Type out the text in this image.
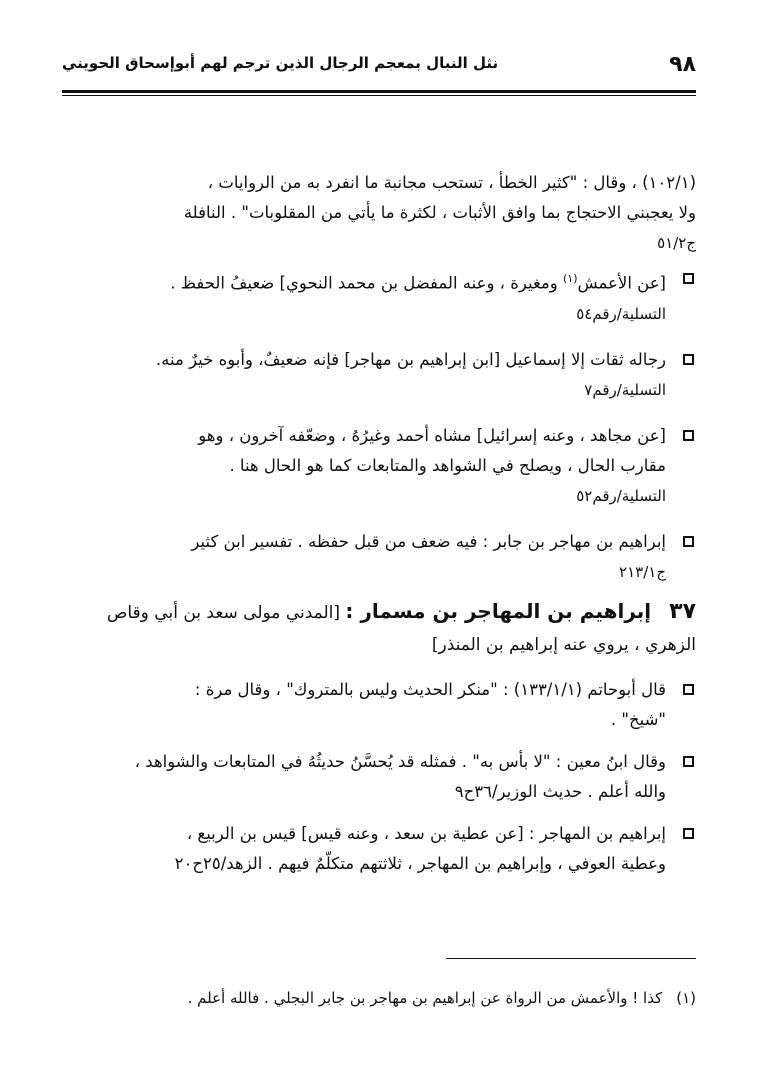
٩٨
نثل النبال بمعجم الرجال الذين ترجم لهم أبوإسحاق الحويني
(١٠٢/١) ، وقال : "كثير الخطأ ، تستحب مجانبة ما انفرد به من الروايات ،
ولا يعجبني الاحتجاج بما وافق الأثبات ، لكثرة ما يأتي من المقلوبات" . النافلة
ج٥١/٢
[عن الأعمش$^{(١)}$ ومغيرة ، وعنه المفضل بن محمد النحوي] ضعيفُ الحفظ .
التسلية/رقم٥٤
رجاله ثقات إلا إسماعيل [ابن إبراهيم بن مهاجر] فإنه ضعيفٌ، وأبوه خيرٌ منه.
التسلية/رقم٧
[عن مجاهد ، وعنه إسرائيل] مشاه أحمد وغيرُهُ ، وضعّفه آخرون ، وهو
مقارب الحال ، ويصلح في الشواهد والمتابعات كما هو الحال هنا .
التسلية/رقم٥٢
إبراهيم بن مهاجر بن جابر : فيه ضعف من قبل حفظه . تفسير ابن كثير
ج٢١٣/١
٣٧إبراهيم بن المهاجر بن مسمار : [المدني مولى سعد بن أبي وقاص
الزهري ، يروي عنه إبراهيم بن المنذر]
قال أبوحاتم (١٣٣/١/١) : "منكر الحديث وليس بالمتروك" ، وقال مرة :
"شيخ" .
وقال ابنُ معين : "لا بأس به" . فمثله قد يُحسَّنُ حديثُهُ في المتابعات والشواهد ،
والله أعلم . حديث الوزير/٣٦ح٩
إبراهيم بن المهاجر : [عن عطية بن سعد ، وعنه قيس] قيس بن الربيع ،
وعطية العوفي ، وإبراهيم بن المهاجر ، ثلاثتهم متكلّمٌ فيهم . الزهد/٢٥ح٢٠
(١)كذا ! والأعمش من الرواة عن إبراهيم بن مهاجر بن جابر البجلي . فالله أعلم .
